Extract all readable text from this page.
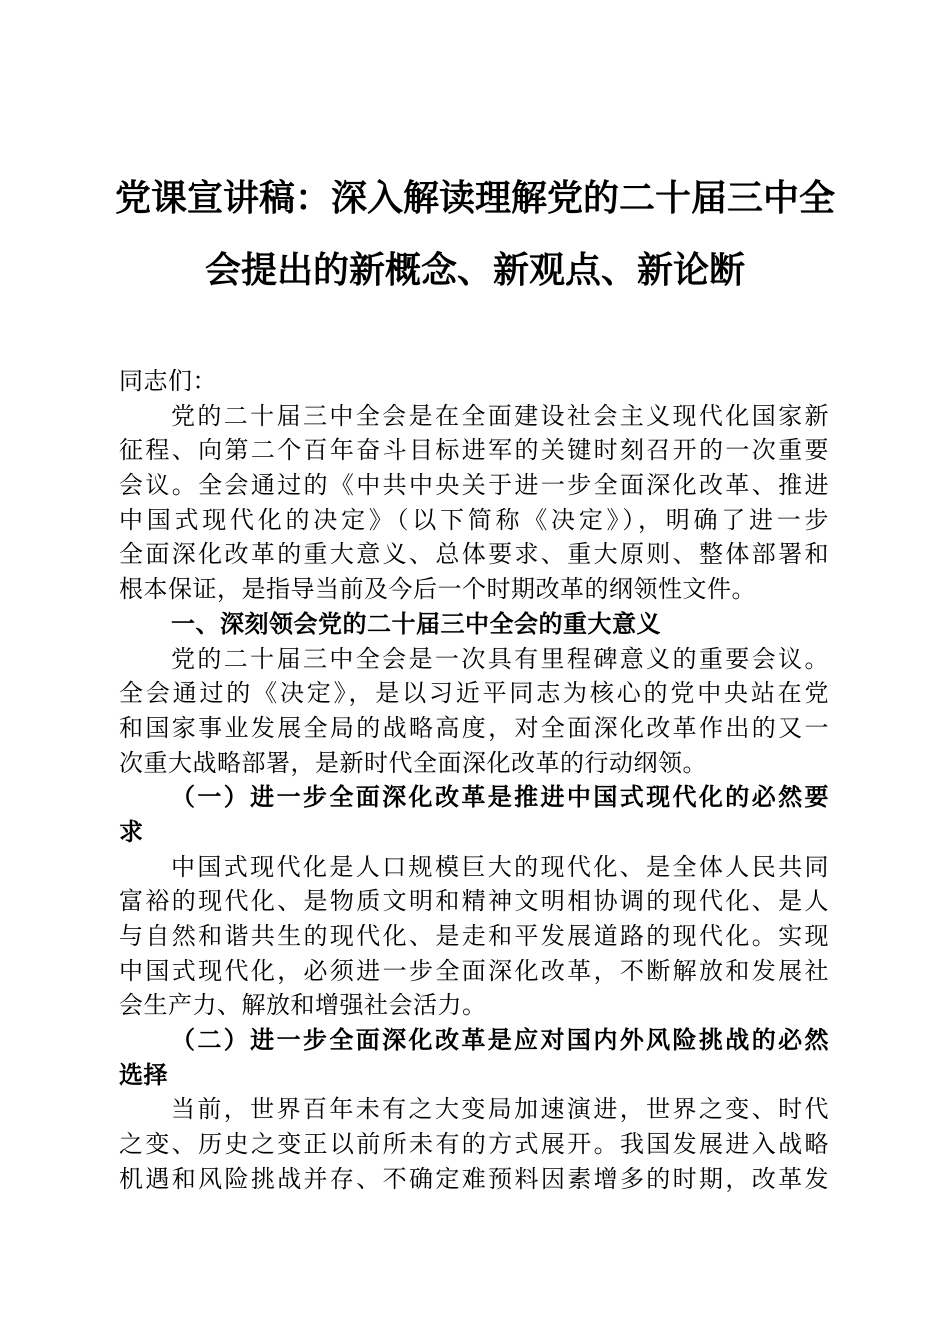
党课宣讲稿：深入解读理解党的二十届三中全
会提出的新概念、新观点、新论断
同志们：
党的二十届三中全会是在全面建设社会主义现代化国家新
征程、向第二个百年奋斗目标进军的关键时刻召开的一次重要
会议。全会通过的《中共中央关于进一步全面深化改革、推进
中国式现代化的决定》（以下简称《决定》），明确了进一步
全面深化改革的重大意义、总体要求、重大原则、整体部署和
根本保证，是指导当前及今后一个时期改革的纲领性文件。
一、深刻领会党的二十届三中全会的重大意义
党的二十届三中全会是一次具有里程碑意义的重要会议。
全会通过的《决定》，是以习近平同志为核心的党中央站在党
和国家事业发展全局的战略高度，对全面深化改革作出的又一
次重大战略部署，是新时代全面深化改革的行动纲领。
（一）进一步全面深化改革是推进中国式现代化的必然要
求
中国式现代化是人口规模巨大的现代化、是全体人民共同
富裕的现代化、是物质文明和精神文明相协调的现代化、是人
与自然和谐共生的现代化、是走和平发展道路的现代化。实现
中国式现代化，必须进一步全面深化改革，不断解放和发展社
会生产力、解放和增强社会活力。
（二）进一步全面深化改革是应对国内外风险挑战的必然
选择
当前，世界百年未有之大变局加速演进，世界之变、时代
之变、历史之变正以前所未有的方式展开。我国发展进入战略
机遇和风险挑战并存、不确定难预料因素增多的时期，改革发
